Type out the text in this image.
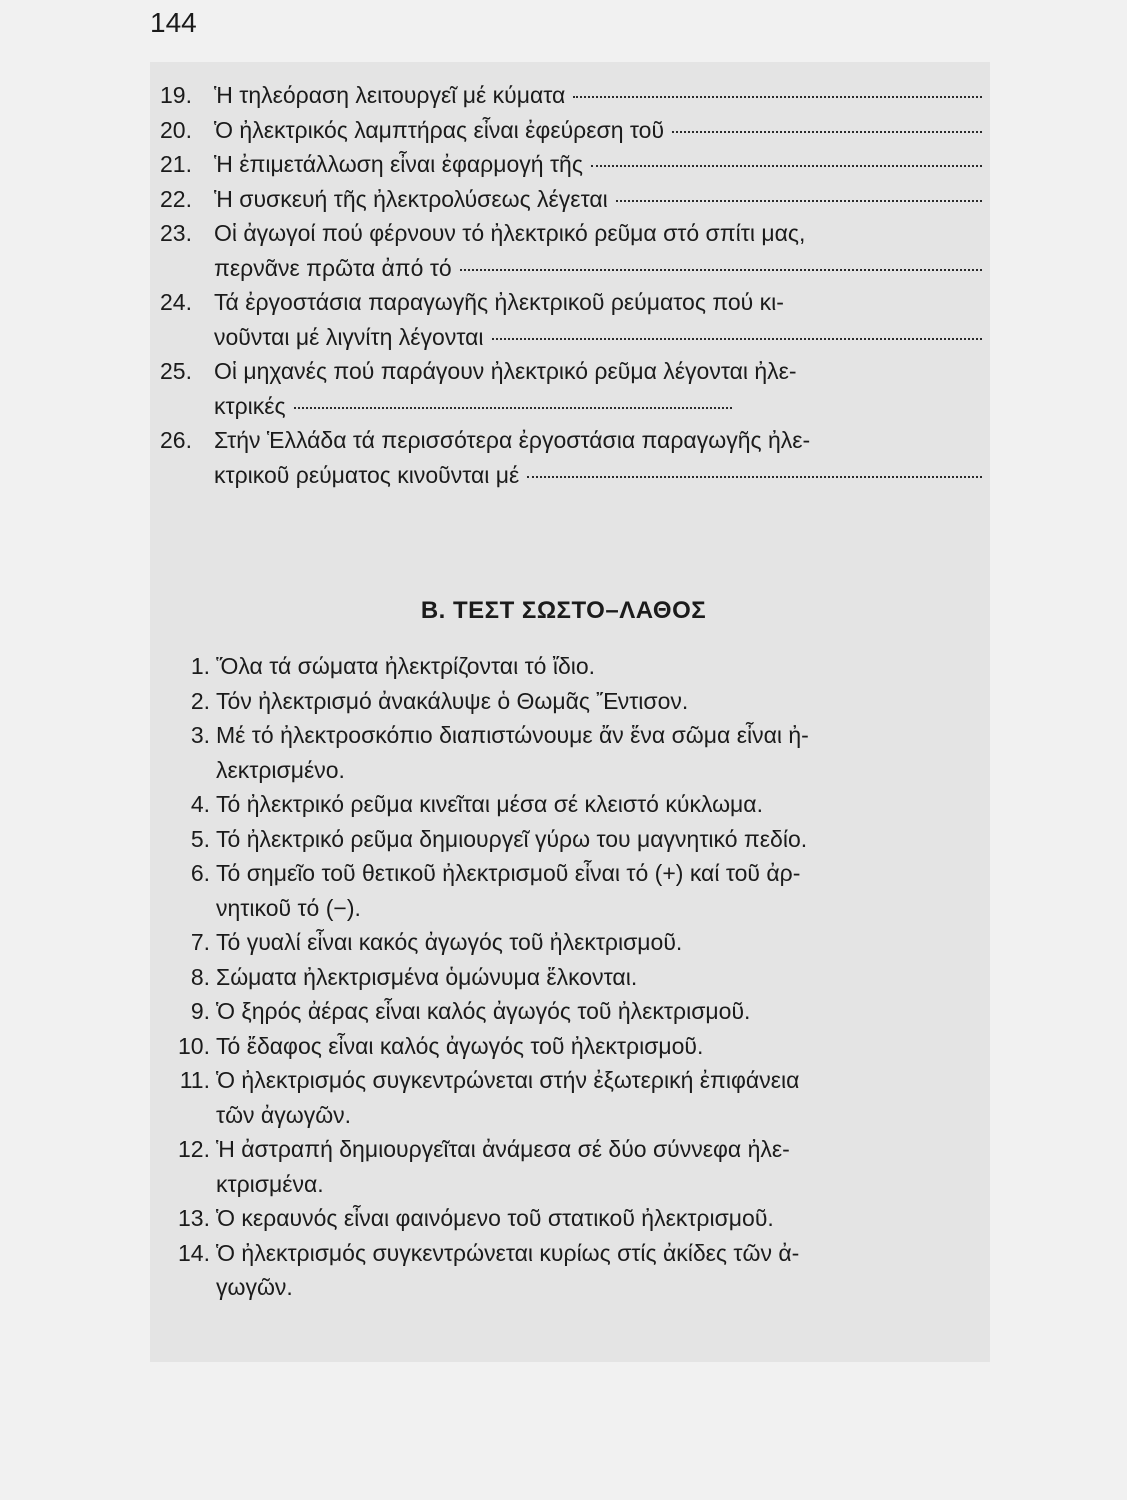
144
19. Ἡ τηλεόραση λειτουργεῖ μέ κύματα
20. Ὁ ἠλεκτρικός λαμπτήρας εἶναι ἐφεύρεση τοῦ
21. Ἡ ἐπιμετάλλωση εἶναι ἐφαρμογή τῆς
22. Ἡ συσκευή τῆς ἠλεκτρολύσεως λέγεται
23. Οἱ ἀγωγοί πού φέρνουν τό ἠλεκτρικό ρεῦμα στό σπίτι μας,
περνᾶνε πρῶτα ἀπό τό
24. Τά ἐργοστάσια παραγωγῆς ἠλεκτρικοῦ ρεύματος πού κι-
νοῦνται μέ λιγνίτη λέγονται
25. Οἱ μηχανές πού παράγουν ἠλεκτρικό ρεῦμα λέγονται ἠλε-
κτρικές
26. Στήν Ἑλλάδα τά περισσότερα ἐργοστάσια παραγωγῆς ἠλε-
κτρικοῦ ρεύματος κινοῦνται μέ
Β. ΤΕΣΤ ΣΩΣΤΟ–ΛΑΘΟΣ
1. Ὅλα τά σώματα ἠλεκτρίζονται τό ἴδιο.
2. Τόν ἠλεκτρισμό ἀνακάλυψε ὁ Θωμᾶς Ἔντισον.
3. Μέ τό ἠλεκτροσκόπιο διαπιστώνουμε ἄν ἕνα σῶμα εἶναι ἠ-
λεκτρισμένο.
4. Τό ἠλεκτρικό ρεῦμα κινεῖται μέσα σέ κλειστό κύκλωμα.
5. Τό ἠλεκτρικό ρεῦμα δημιουργεῖ γύρω του μαγνητικό πεδίο.
6. Τό σημεῖο τοῦ θετικοῦ ἠλεκτρισμοῦ εἶναι τό (+) καί τοῦ ἀρ-
νητικοῦ τό (−).
7. Τό γυαλί εἶναι κακός ἀγωγός τοῦ ἠλεκτρισμοῦ.
8. Σώματα ἠλεκτρισμένα ὁμώνυμα ἕλκονται.
9. Ὁ ξηρός ἀέρας εἶναι καλός ἀγωγός τοῦ ἠλεκτρισμοῦ.
10. Τό ἔδαφος εἶναι καλός ἀγωγός τοῦ ἠλεκτρισμοῦ.
11. Ὁ ἠλεκτρισμός συγκεντρώνεται στήν ἐξωτερική ἐπιφάνεια
τῶν ἀγωγῶν.
12. Ἡ ἀστραπή δημιουργεῖται ἀνάμεσα σέ δύο σύννεφα ἠλε-
κτρισμένα.
13. Ὁ κεραυνός εἶναι φαινόμενο τοῦ στατικοῦ ἠλεκτρισμοῦ.
14. Ὁ ἠλεκτρισμός συγκεντρώνεται κυρίως στίς ἀκίδες τῶν ἀ-
γωγῶν.
